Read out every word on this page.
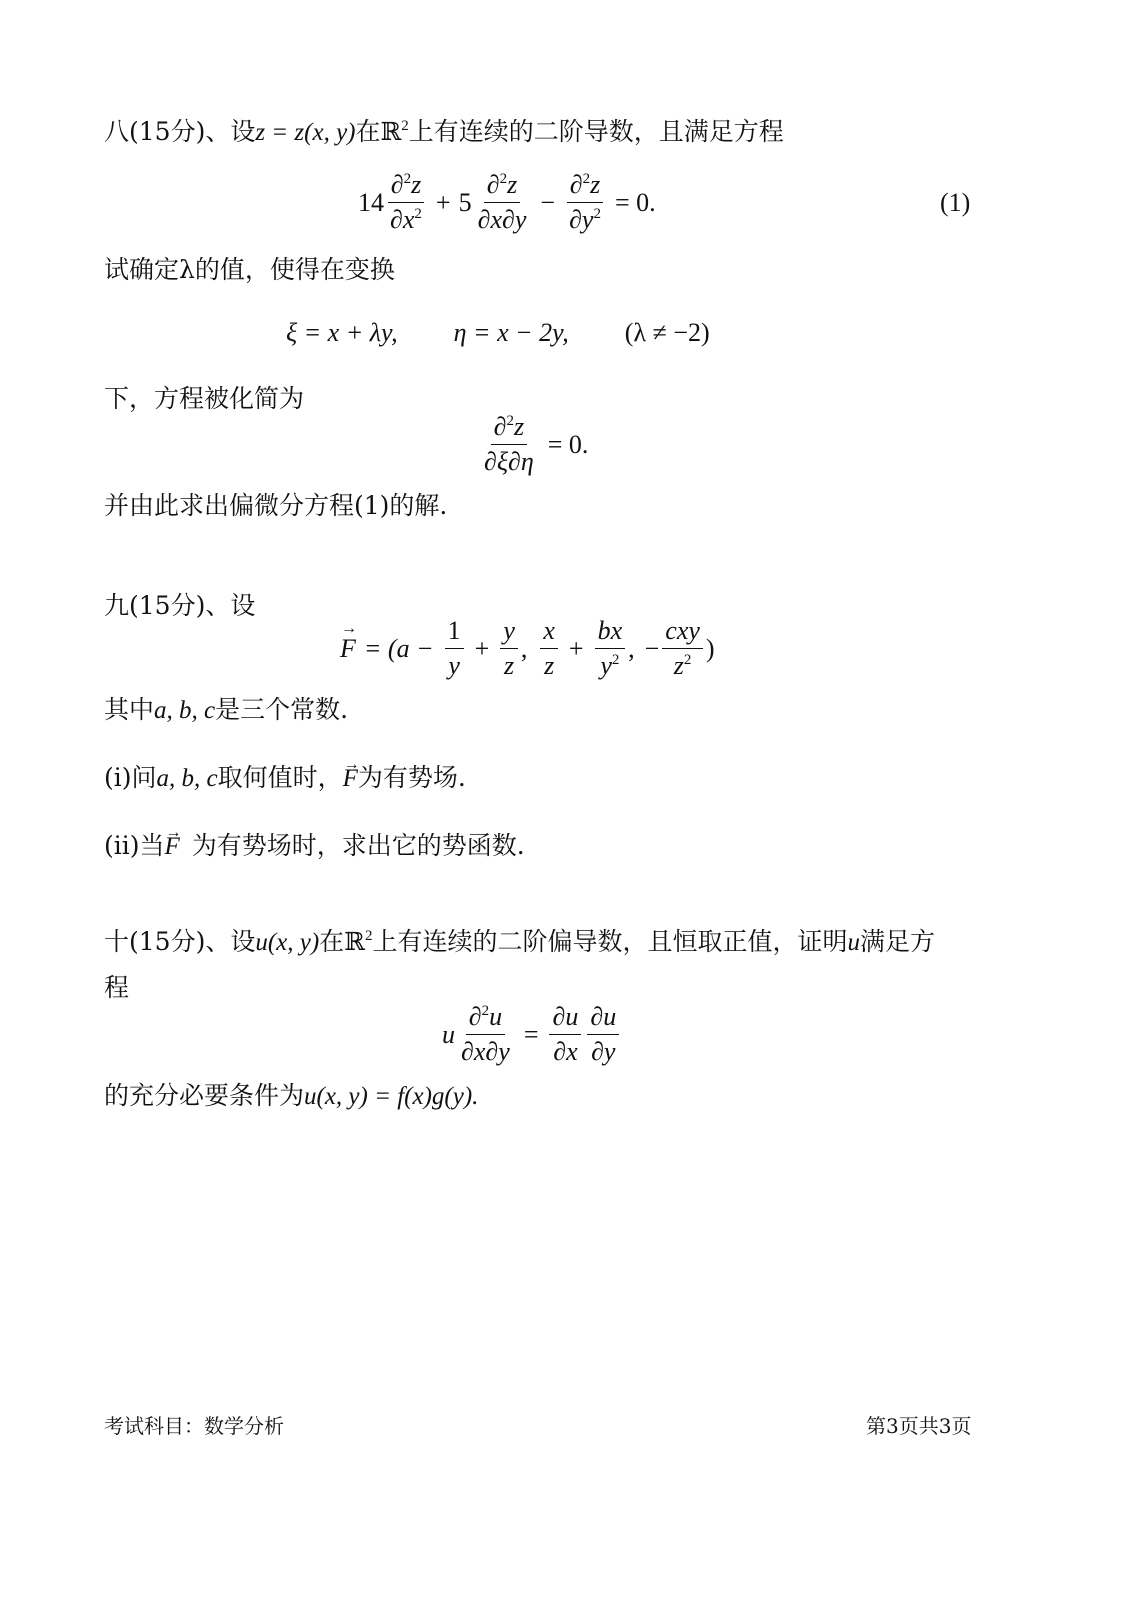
八(15分)、设z = z(x, y)在ℝ$^2$上有连续的二阶导数，且满足方程
$14 \frac{\partial^2z}{\partial x^2} + 5 \frac{\partial^2z}{\partial x\partial y} - \frac{\partial^2z}{\partial y^2} = 0$.	(1)
试确定λ的值，使得在变换
ξ = x + λy, η = x − 2y, (λ ≠ −2)
下，方程被化简为
$\frac{\partial^2z}{\partial\xi\partial\eta} = 0$.
并由此求出偏微分方程(1)的解.
九(15分)、设
→ $F = (a - \frac{1}{y} + \frac{y}{z}$ , $\frac{x}{z} + \frac{bx}{y^2}$ , − $\frac{\text{cxy}}{z^2}$ )
其中a, b, c是三个常数.
(i)问a, b, c取何值时，→ F为有势场.
(ii)当→ F 为有势场时，求出它的势函数.
十(15分)、设u(x, y)在ℝ$^2$上有连续的二阶偏导数，且恒取正值，证明u满足方
程
u $\frac{\partial^2u}{\partial x\partial y} = \frac{\partial u}{\partial x} \frac{\partial u}{\partial y}$
的充分必要条件为u(x, y) = f(x)g(y).
考试科目：数学分析	第3页共3页
